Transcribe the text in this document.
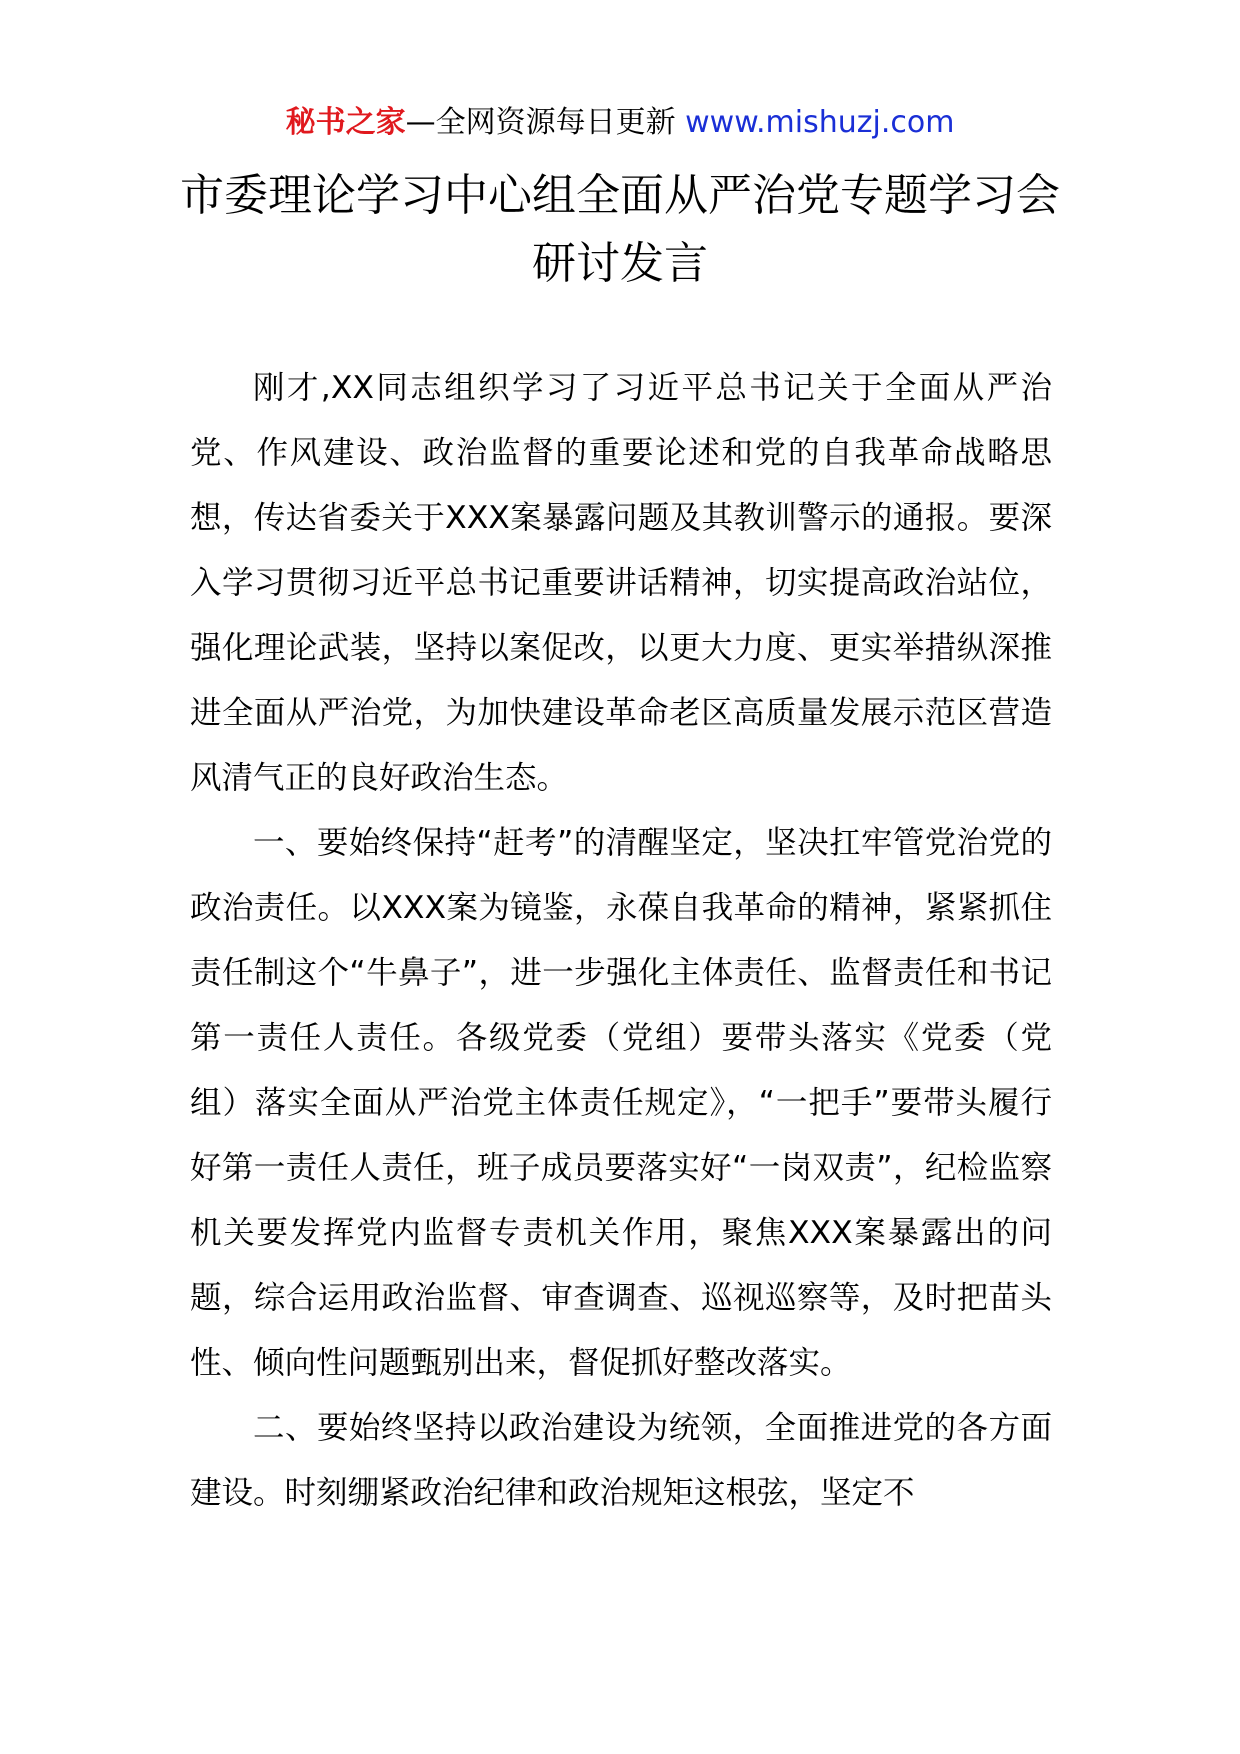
秘书之家—全网资源每日更新 www.mishuzj.com
市委理论学习中心组全面从严治党专题学习会研讨发言

刚才,XX同志组织学习了习近平总书记关于全面从严治党、作风建设、政治监督的重要论述和党的自我革命战略思想，传达省委关于XXX案暴露问题及其教训警示的通报。要深入学习贯彻习近平总书记重要讲话精神，切实提高政治站位，强化理论武装，坚持以案促改，以更大力度、更实举措纵深推进全面从严治党，为加快建设革命老区高质量发展示范区营造风清气正的良好政治生态。

一、要始终保持“赶考”的清醒坚定，坚决扛牢管党治党的政治责任。以XXX案为镜鉴，永葆自我革命的精神，紧紧抓住责任制这个“牛鼻子”，进一步强化主体责任、监督责任和书记第一责任人责任。各级党委（党组）要带头落实《党委（党组）落实全面从严治党主体责任规定》，“一把手”要带头履行好第一责任人责任，班子成员要落实好“一岗双责”，纪检监察机关要发挥党内监督专责机关作用，聚焦XXX案暴露出的问题，综合运用政治监督、审查调查、巡视巡察等，及时把苗头性、倾向性问题甄别出来，督促抓好整改落实。

二、要始终坚持以政治建设为统领，全面推进党的各方面建设。时刻绷紧政治纪律和政治规矩这根弦，坚定不
